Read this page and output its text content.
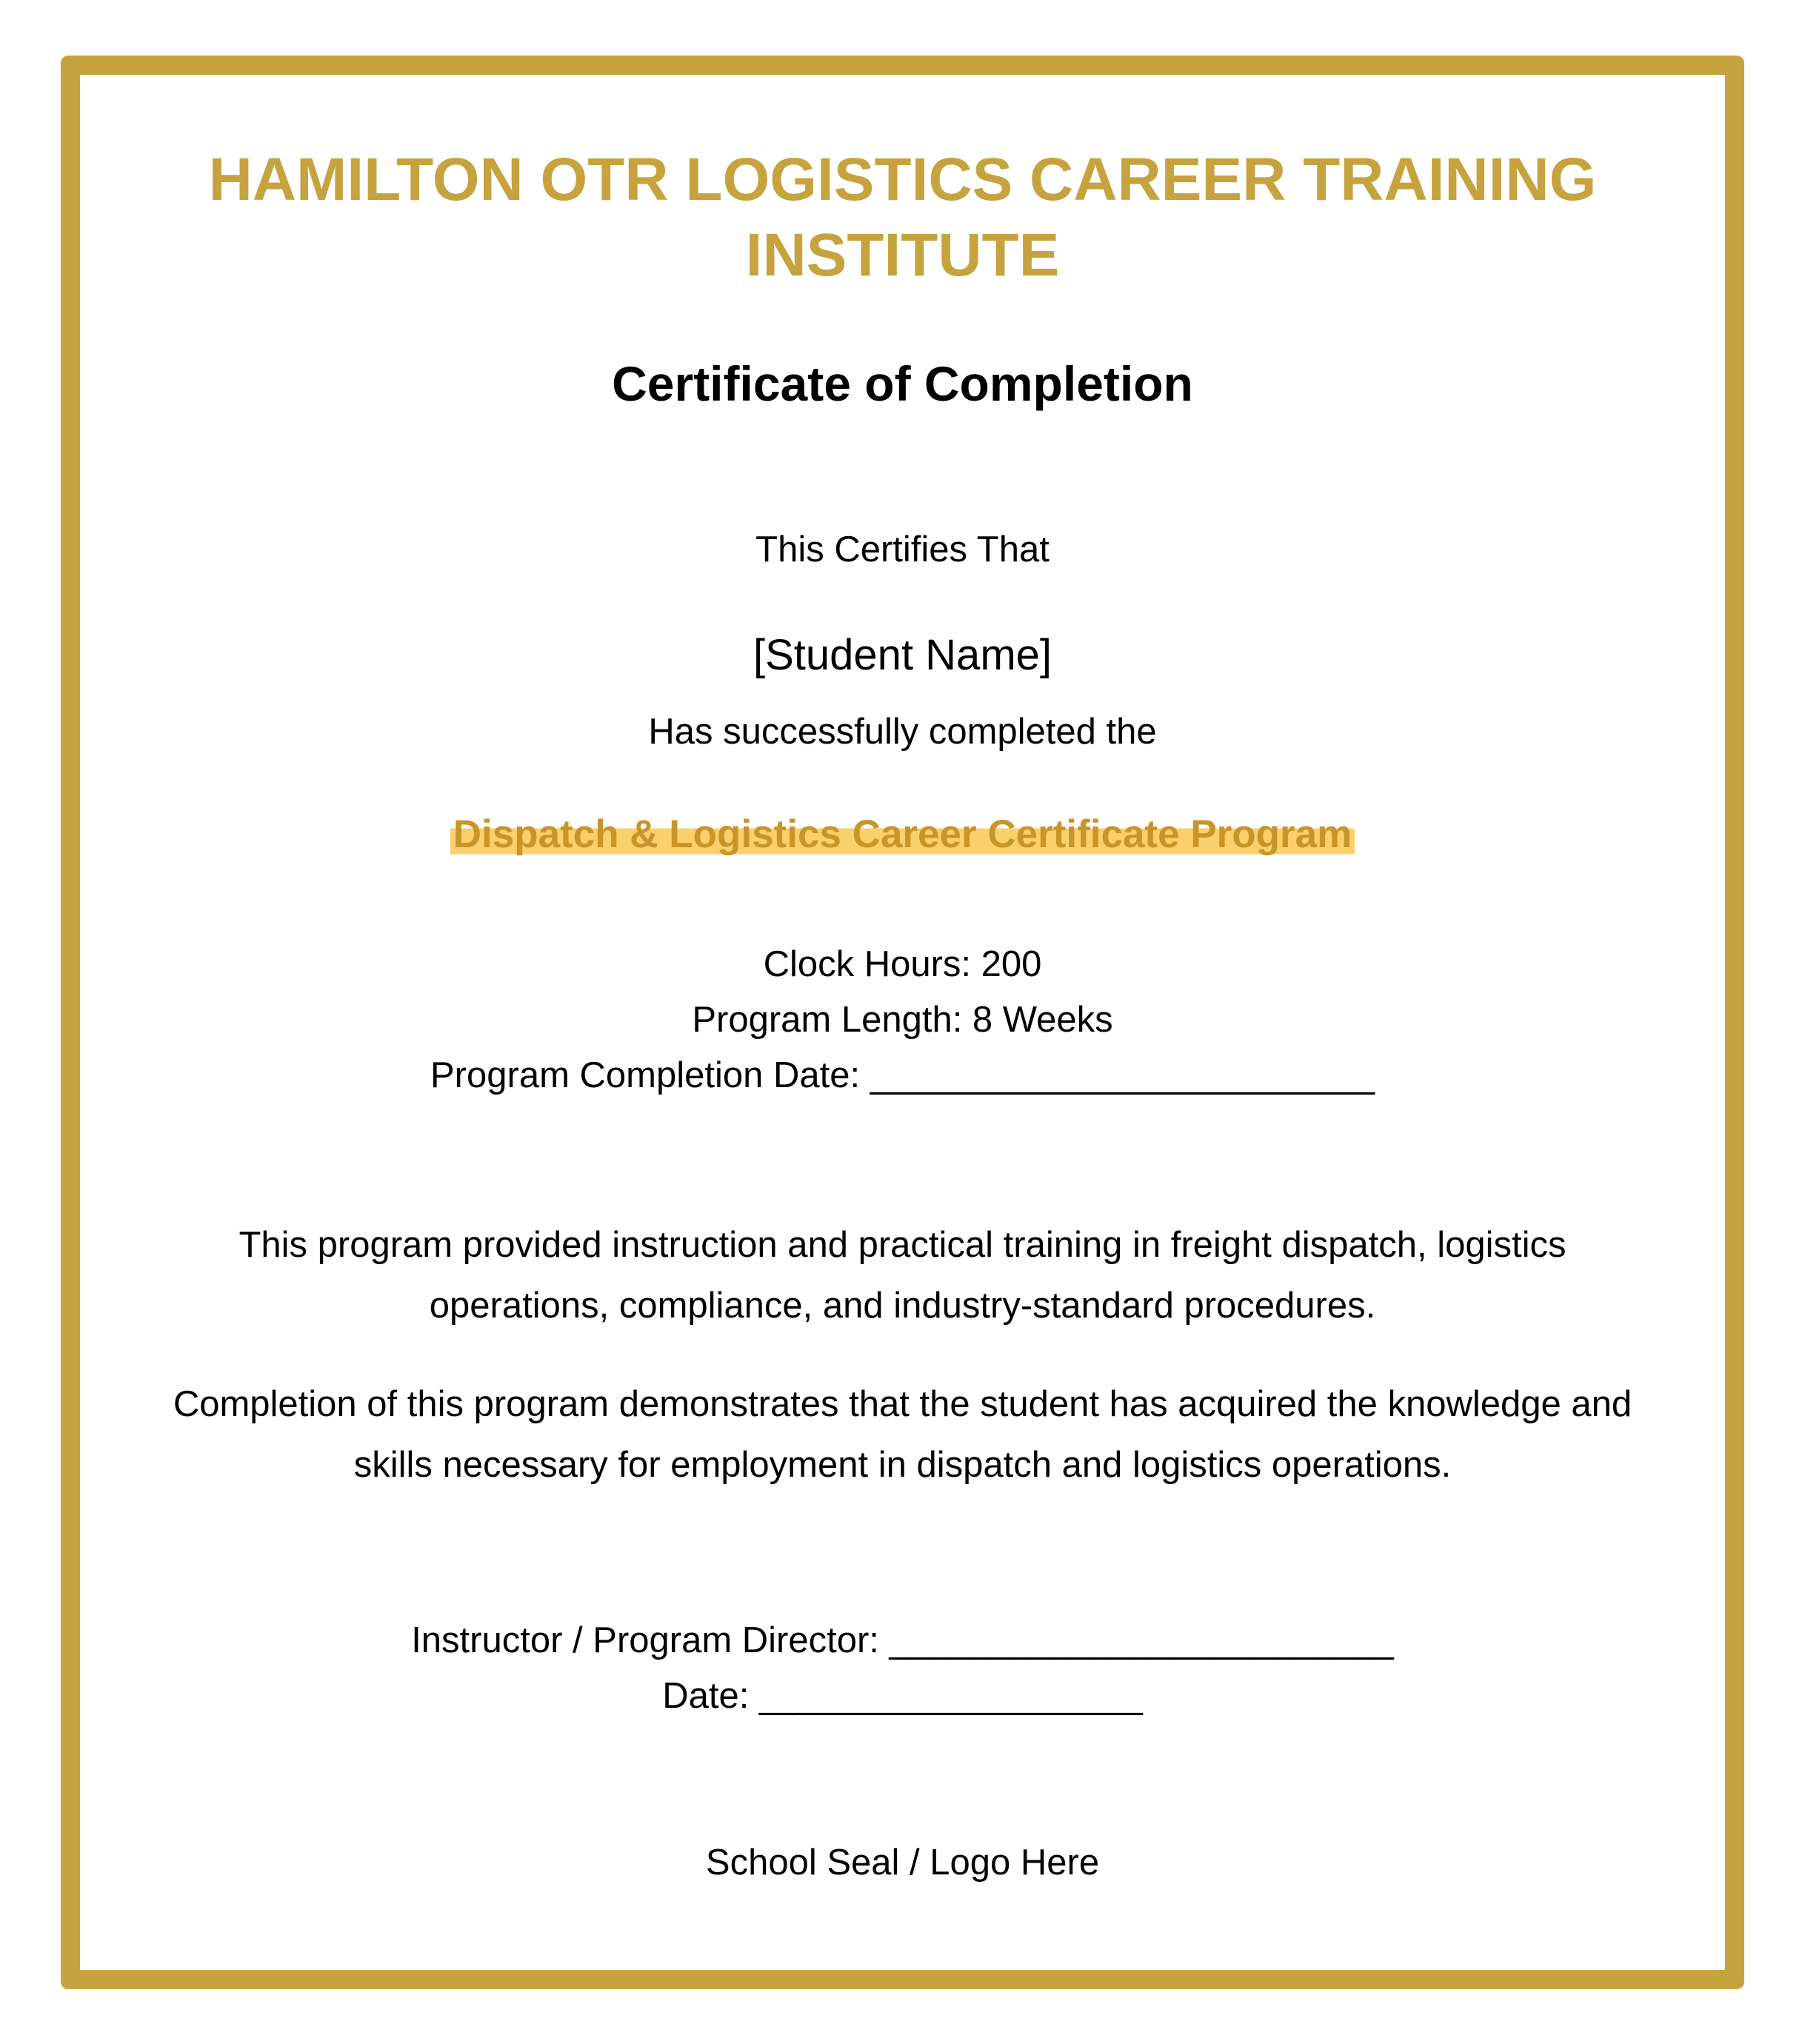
HAMILTON OTR LOGISTICS CAREER TRAINING
INSTITUTE
Certificate of Completion
This Certifies That
[Student Name]
Has successfully completed the
Dispatch & Logistics Career Certificate Program
Clock Hours: 200
Program Length: 8 Weeks
Program Completion Date: _________________________
This program provided instruction and practical training in freight dispatch, logistics
operations, compliance, and industry-standard procedures.
Completion of this program demonstrates that the student has acquired the knowledge and
skills necessary for employment in dispatch and logistics operations.
Instructor / Program Director: _________________________
Date: ___________________
School Seal / Logo Here
